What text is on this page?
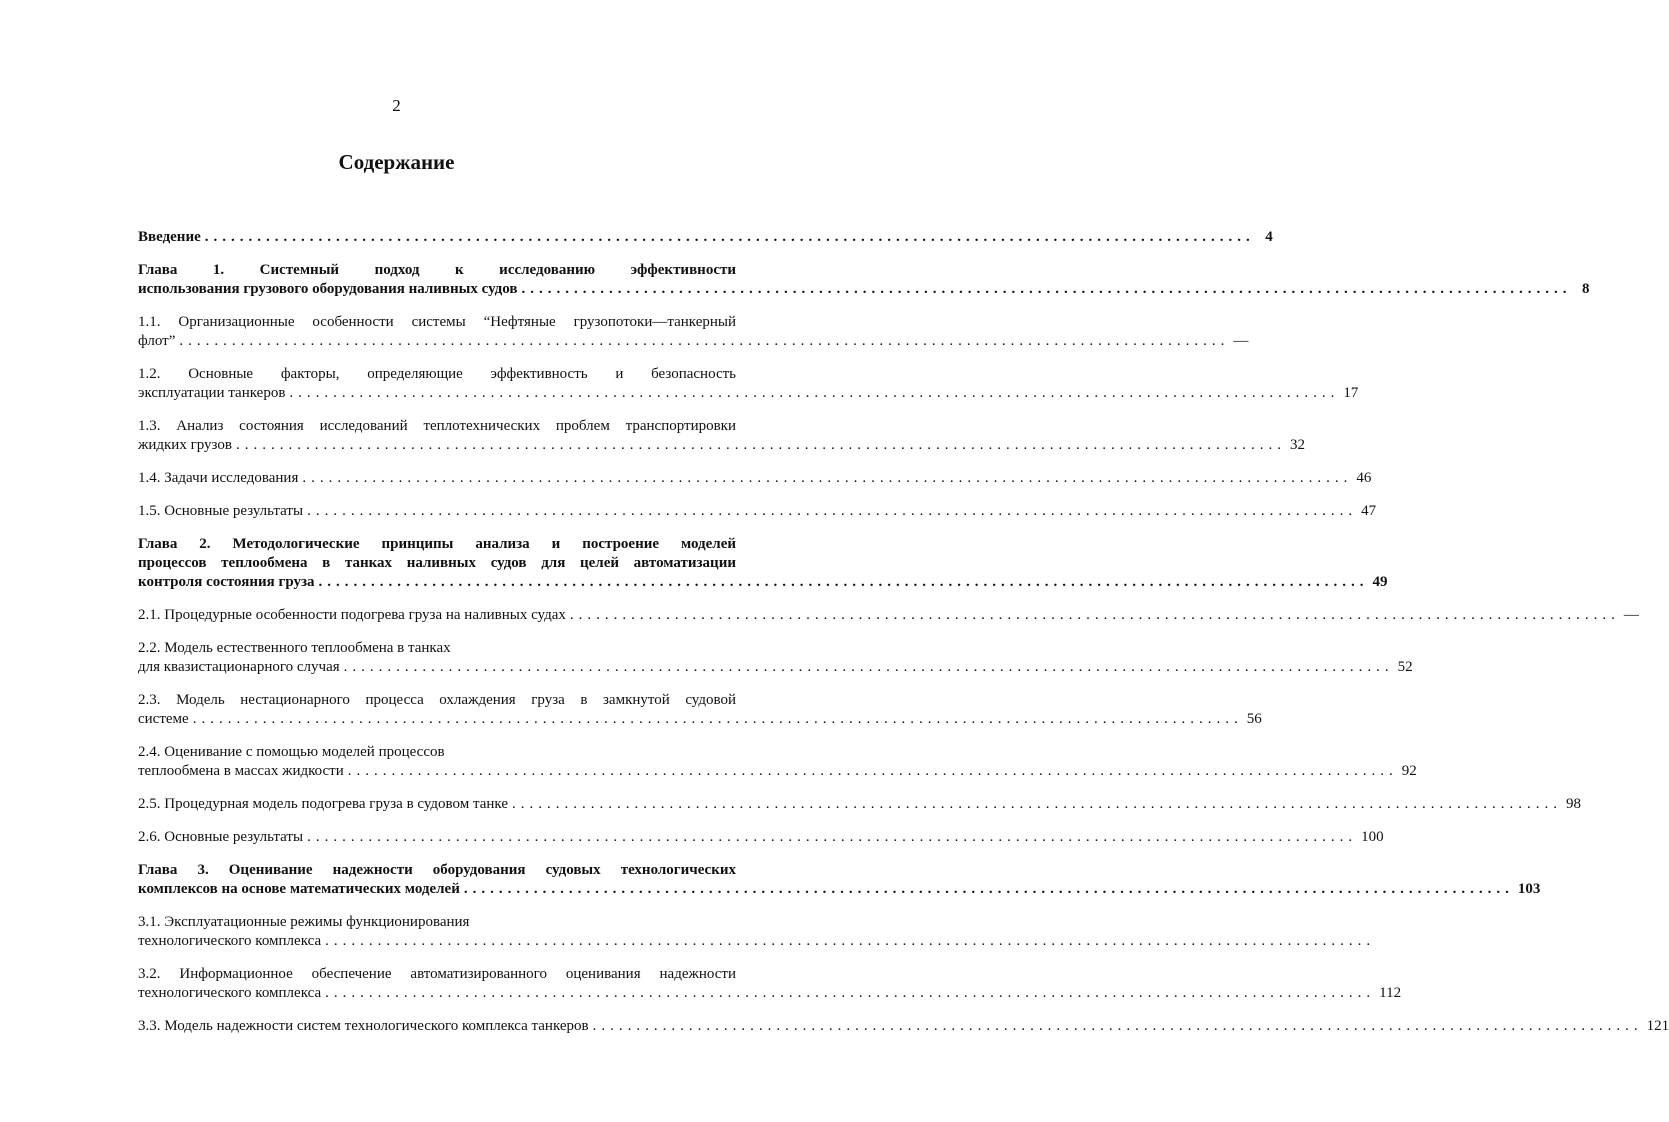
2
Содержание
Введение ........................................................................................................................ 4
Глава 1. Системный подход к исследованию эффективности
использования грузового оборудования наливных судов ........................................................................................................................ 8
1.1. Организационные особенности системы “Нефтяные грузопотоки—танкерный
флот” ........................................................................................................................ —
1.2. Основные факторы, определяющие эффективность и безопасность
эксплуатации танкеров ........................................................................................................................ 17
1.3. Анализ состояния исследований теплотехнических проблем транспортировки
жидких грузов ........................................................................................................................ 32
1.4. Задачи исследования ........................................................................................................................ 46
1.5. Основные результаты ........................................................................................................................ 47
Глава 2. Методологические принципы анализа и построение моделей
процессов теплообмена в танках наливных судов для целей автоматизации
контроля состояния груза ........................................................................................................................ 49
2.1. Процедурные особенности подогрева груза на наливных судах ........................................................................................................................ —
2.2. Модель естественного теплообмена в танках
для квазистационарного случая ........................................................................................................................ 52
2.3. Модель нестационарного процесса охлаждения груза в замкнутой судовой
системе ........................................................................................................................ 56
2.4. Оценивание с помощью моделей процессов
теплообмена в массах жидкости ........................................................................................................................ 92
2.5. Процедурная модель подогрева груза в судовом танке ........................................................................................................................ 98
2.6. Основные результаты ........................................................................................................................ 100
Глава 3. Оценивание надежности оборудования судовых технологических
комплексов на основе математических моделей ........................................................................................................................ 103
3.1. Эксплуатационные режимы функционирования
технологического комплекса ........................................................................................................................
3.2. Информационное обеспечение автоматизированного оценивания надежности
технологического комплекса ........................................................................................................................ 112
3.3. Модель надежности систем технологического комплекса танкеров ........................................................................................................................ 121
